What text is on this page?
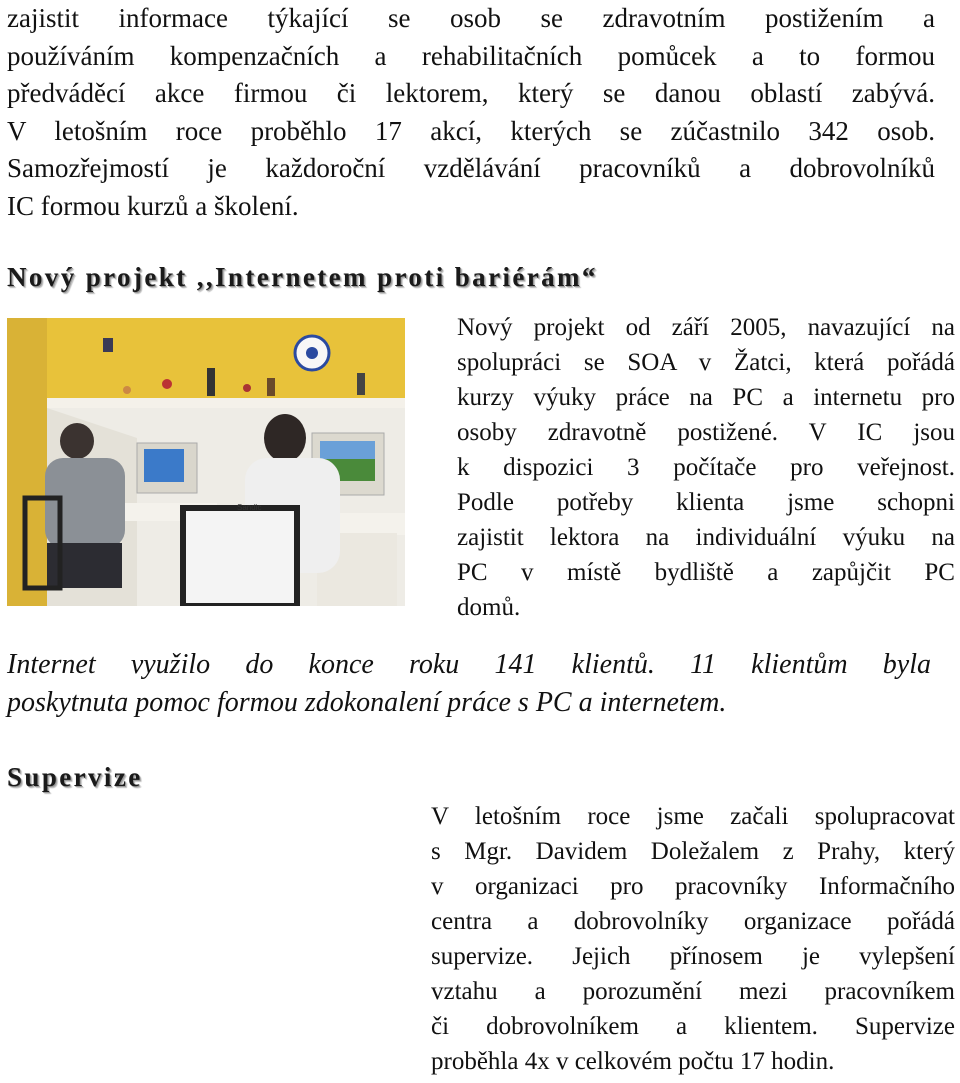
zajistit informace týkající se osob se zdravotním postižením a
používáním kompenzačních a rehabilitačních pomůcek a to formou
předváděcí akce firmou či lektorem, který se danou oblastí zabývá.
V letošním roce proběhlo 17 akcí, kterých se zúčastnilo 342 osob.
Samozřejmostí je každoroční vzdělávání pracovníků a dobrovolníků
IC formou kurzů a školení.
Nový projekt ,,Internetem proti bariérám“
Sandic
Nový projekt od září 2005, navazující na
spolupráci se SOA v Žatci, která pořádá
kurzy výuky práce na PC a internetu pro
osoby zdravotně postižené. V IC jsou
k dispozici 3 počítače pro veřejnost.
Podle potřeby klienta jsme schopni
zajistit lektora na individuální výuku na
PC v místě bydliště a zapůjčit PC
domů.
Internet využilo do konce roku 141 klientů. 11 klientům byla
poskytnuta pomoc formou zdokonalení práce s PC a internetem.
Supervize
V letošním roce jsme začali spolupracovat
s Mgr. Davidem Doležalem z Prahy, který
v organizaci pro pracovníky Informačního
centra a dobrovolníky organizace pořádá
supervize. Jejich přínosem je vylepšení
vztahu a porozumění mezi pracovníkem
či dobrovolníkem a klientem. Supervize
proběhla 4x v celkovém počtu 17 hodin.
